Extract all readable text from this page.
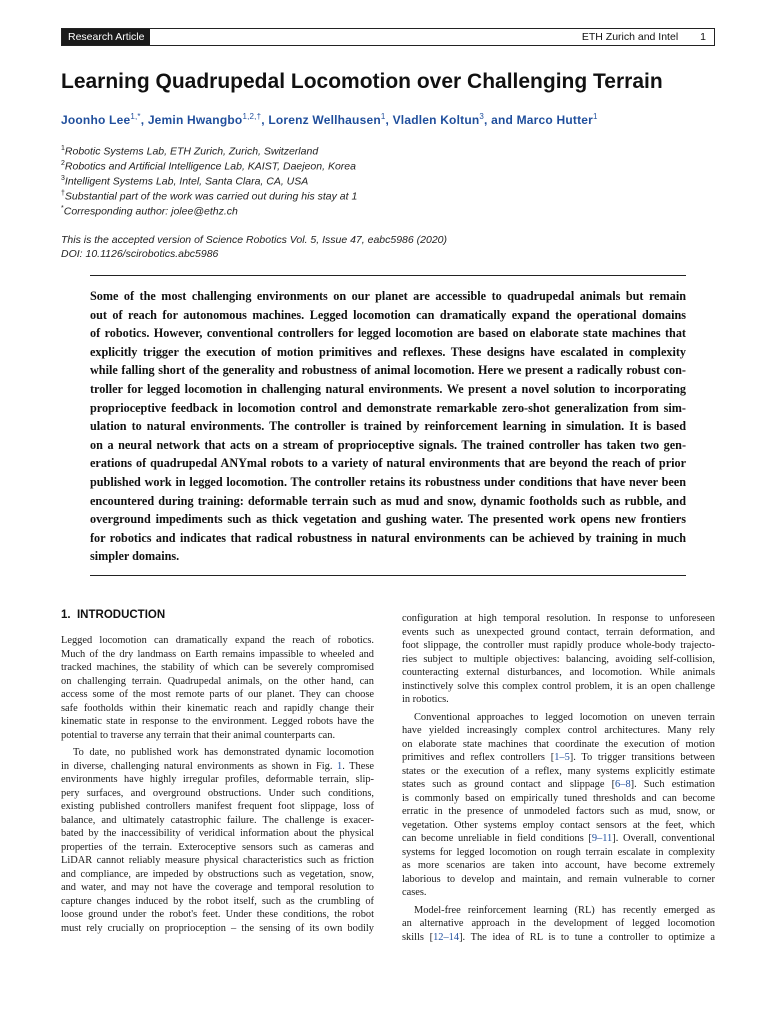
Research Article	ETH Zurich and Intel 1
Learning Quadrupedal Locomotion over Challenging Terrain
Joonho Lee$^{1,*}$, Jemin Hwangbo$^{1,2,\dagger}$, Lorenz Wellhausen$^1$, Vladlen Koltun$^3$, and Marco Hutter$^1$
$^1$Robotic Systems Lab, ETH Zurich, Zurich, Switzerland
$^2$Robotics and Artificial Intelligence Lab, KAIST, Daejeon, Korea
$^3$Intelligent Systems Lab, Intel, Santa Clara, CA, USA
†Substantial part of the work was carried out during his stay at 1
*Corresponding author: jolee@ethz.ch
This is the accepted version of Science Robotics Vol. 5, Issue 47, eabc5986 (2020)
DOI: 10.1126/scirobotics.abc5986
Some of the most challenging environments on our planet are accessible to quadrupedal animals but remain
out of reach for autonomous machines. Legged locomotion can dramatically expand the operational domains
of robotics. However, conventional controllers for legged locomotion are based on elaborate state machines that
explicitly trigger the execution of motion primitives and reflexes. These designs have escalated in complexity
while falling short of the generality and robustness of animal locomotion. Here we present a radically robust con-
troller for legged locomotion in challenging natural environments. We present a novel solution to incorporating
proprioceptive feedback in locomotion control and demonstrate remarkable zero-shot generalization from sim-
ulation to natural environments. The controller is trained by reinforcement learning in simulation. It is based
on a neural network that acts on a stream of proprioceptive signals. The trained controller has taken two gen-
erations of quadrupedal ANYmal robots to a variety of natural environments that are beyond the reach of prior
published work in legged locomotion. The controller retains its robustness under conditions that have never been
encountered during training: deformable terrain such as mud and snow, dynamic footholds such as rubble, and
overground impediments such as thick vegetation and gushing water. The presented work opens new frontiers
for robotics and indicates that radical robustness in natural environments can be achieved by training in much
simpler domains.
1. INTRODUCTION
Legged locomotion can dramatically expand the reach of robotics.
Much of the dry landmass on Earth remains impassible to wheeled and
tracked machines, the stability of which can be severely compromised
on challenging terrain. Quadrupedal animals, on the other hand, can
access some of the most remote parts of our planet. They can choose
safe footholds within their kinematic reach and rapidly change their
kinematic state in response to the environment. Legged robots have the
potential to traverse any terrain that their animal counterparts can.
To date, no published work has demonstrated dynamic locomotion
in diverse, challenging natural environments as shown in Fig. 1. These
environments have highly irregular profiles, deformable terrain, slip-
pery surfaces, and overground obstructions. Under such conditions,
existing published controllers manifest frequent foot slippage, loss of
balance, and ultimately catastrophic failure. The challenge is exacer-
bated by the inaccessibility of veridical information about the physical
properties of the terrain. Exteroceptive sensors such as cameras and
LiDAR cannot reliably measure physical characteristics such as friction
and compliance, are impeded by obstructions such as vegetation, snow,
and water, and may not have the coverage and temporal resolution to
capture changes induced by the robot itself, such as the crumbling of
loose ground under the robot's feet. Under these conditions, the robot
must rely crucially on proprioception – the sensing of its own bodily
configuration at high temporal resolution. In response to unforeseen
events such as unexpected ground contact, terrain deformation, and
foot slippage, the controller must rapidly produce whole-body trajecto-
ries subject to multiple objectives: balancing, avoiding self-collision,
counteracting external disturbances, and locomotion. While animals
instinctively solve this complex control problem, it is an open challenge
in robotics.
Conventional approaches to legged locomotion on uneven terrain
have yielded increasingly complex control architectures. Many rely
on elaborate state machines that coordinate the execution of motion
primitives and reflex controllers [1–5]. To trigger transitions between
states or the execution of a reflex, many systems explicitly estimate
states such as ground contact and slippage [6–8]. Such estimation
is commonly based on empirically tuned thresholds and can become
erratic in the presence of unmodeled factors such as mud, snow, or
vegetation. Other systems employ contact sensors at the feet, which
can become unreliable in field conditions [9–11]. Overall, conventional
systems for legged locomotion on rough terrain escalate in complexity
as more scenarios are taken into account, have become extremely
laborious to develop and maintain, and remain vulnerable to corner
cases.
Model-free reinforcement learning (RL) has recently emerged as
an alternative approach in the development of legged locomotion
skills [12–14]. The idea of RL is to tune a controller to optimize a
